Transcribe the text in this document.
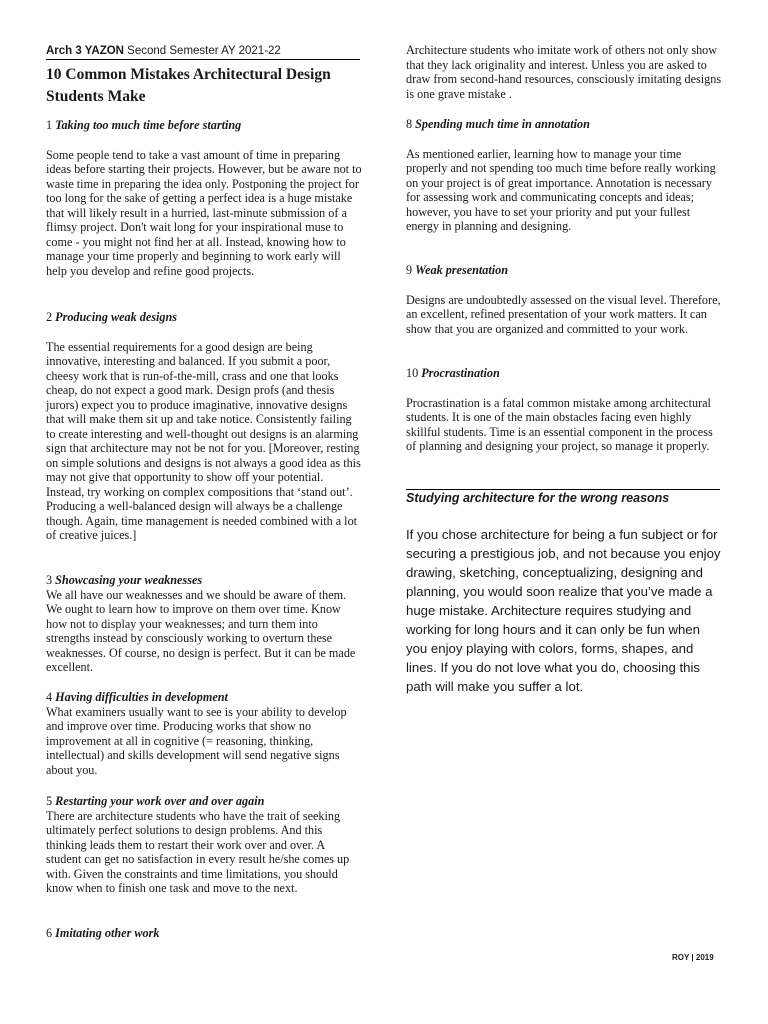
Arch 3 YAZON Second Semester AY 2021-22
10 Common Mistakes Architectural Design Students Make

1 Taking too much time before starting

Some people tend to take a vast amount of time in preparing ideas before starting their projects. However, but be aware not to waste time in preparing the idea only. Postponing the project for too long for the sake of getting a perfect idea is a huge mistake that will likely result in a hurried, last-minute submission of a flimsy project. Don't wait long for your inspirational muse to come - you might not find her at all. Instead, knowing how to manage your time properly and beginning to work early will help you develop and refine good projects.

2 Producing weak designs

The essential requirements for a good design are being innovative, interesting and balanced. If you submit a poor, cheesy work that is run-of-the-mill, crass and one that looks cheap, do not expect a good mark. Design profs (and thesis jurors) expect you to produce imaginative, innovative designs that will make them sit up and take notice. Consistently failing to create interesting and well-thought out designs is an alarming sign that architecture may not be not for you. [Moreover, resting on simple solutions and designs is not always a good idea as this may not give that opportunity to show off your potential. Instead, try working on complex compositions that ‘stand out’. Producing a well-balanced design will always be a challenge though. Again, time management is needed combined with a lot of creative juices.]

3 Showcasing your weaknesses

We all have our weaknesses and we should be aware of them. We ought to learn how to improve on them over time. Know how not to display your weaknesses; and turn them into strengths instead by consciously working to overturn these weaknesses. Of course, no design is perfect. But it can be made excellent.

4 Having difficulties in development

What examiners usually want to see is your ability to develop and improve over time. Producing works that show no improvement at all in cognitive (= reasoning, thinking, intellectual) and skills development will send negative signs about you.

5 Restarting your work over and over again

There are architecture students who have the trait of seeking ultimately perfect solutions to design problems. And this thinking leads them to restart their work over and over. A student can get no satisfaction in every result he/she comes up with. Given the constraints and time limitations, you should know when to finish one task and move to the next.

6 Imitating other work

Architecture students who imitate work of others not only show that they lack originality and interest. Unless you are asked to draw from second-hand resources, consciously imitating designs is one grave mistake .

8 Spending much time in annotation

As mentioned earlier, learning how to manage your time properly and not spending too much time before really working on your project is of great importance. Annotation is necessary for assessing work and communicating concepts and ideas; however, you have to set your priority and put your fullest energy in planning and designing.

9 Weak presentation

Designs are undoubtedly assessed on the visual level. Therefore, an excellent, refined presentation of your work matters. It can show that you are organized and committed to your work.

10 Procrastination

Procrastination is a fatal common mistake among architectural students. It is one of the main obstacles facing even highly skillful students. Time is an essential component in the process of planning and designing your project, so manage it properly.

Studying architecture for the wrong reasons

If you chose architecture for being a fun subject or for securing a prestigious job, and not because you enjoy drawing, sketching, conceptualizing, designing and planning, you would soon realize that you’ve made a huge mistake. Architecture requires studying and working for long hours and it can only be fun when you enjoy playing with colors, forms, shapes, and lines. If you do not love what you do, choosing this path will make you suffer a lot.

ROY | 2019
